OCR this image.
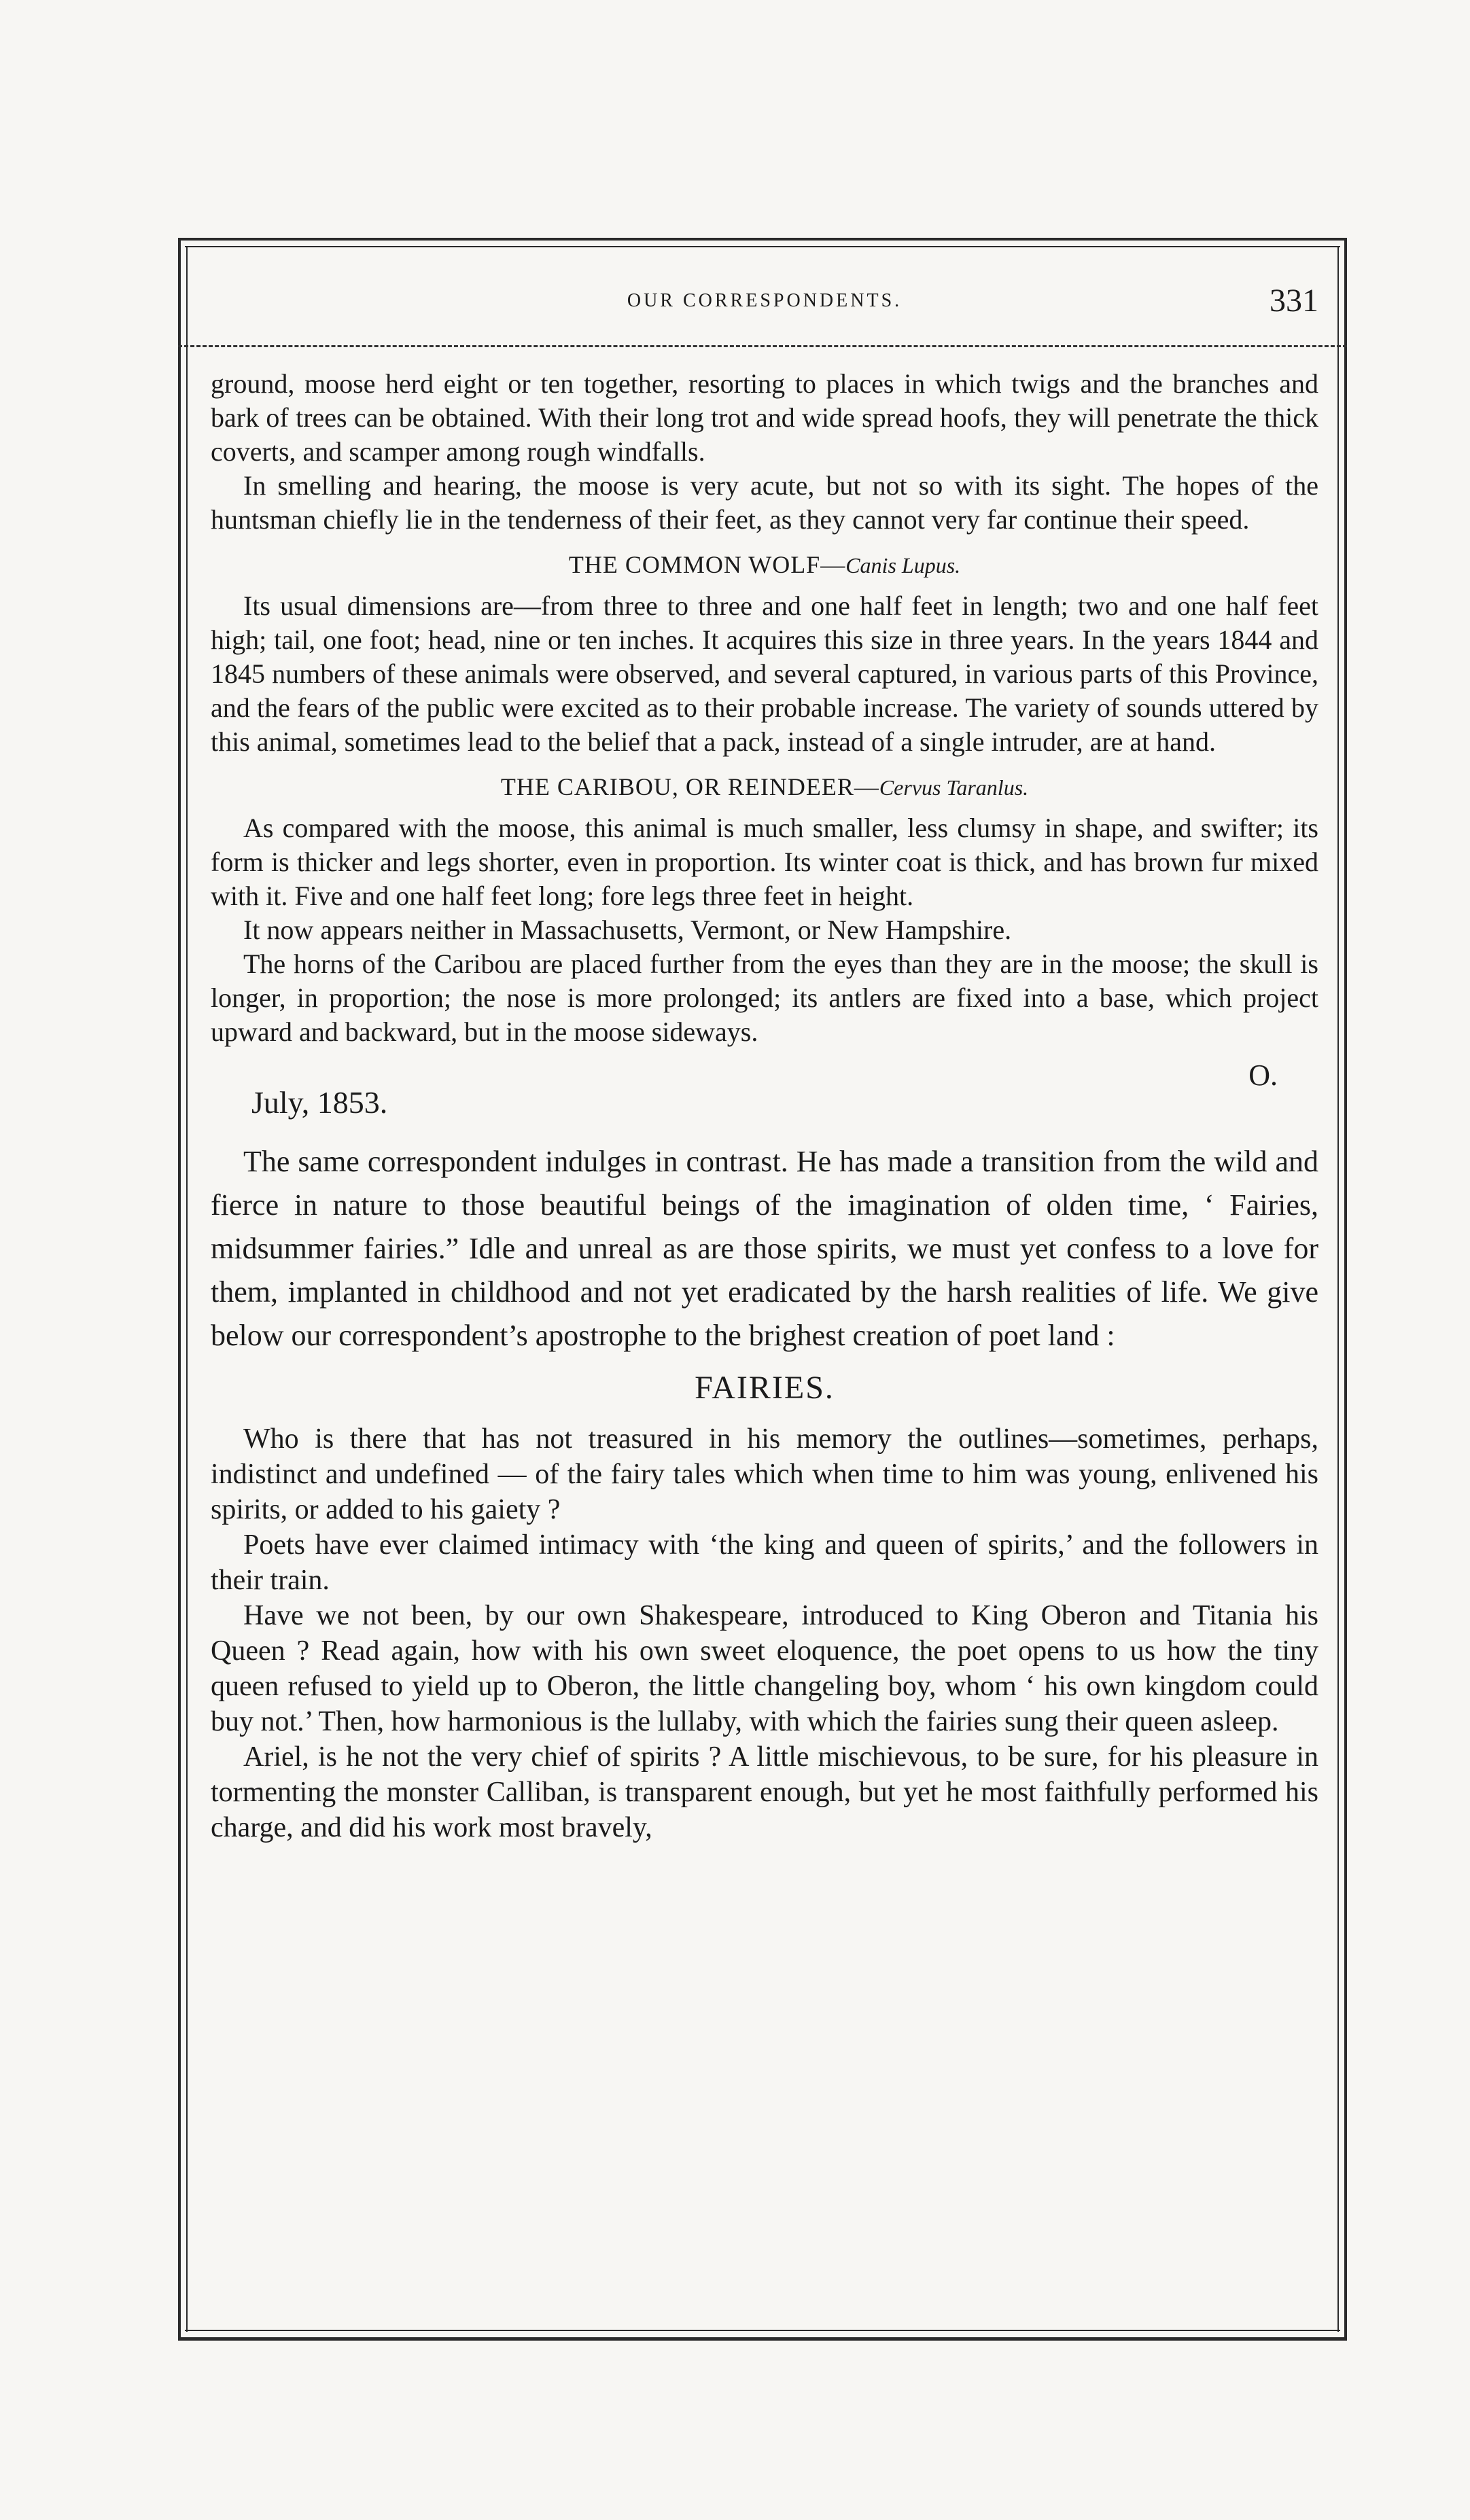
OUR CORRESPONDENTS.	331

ground, moose herd eight or ten together, resorting to places in which twigs and the branches and bark of trees can be obtained. With their long trot and wide spread hoofs, they will penetrate the thick coverts, and scamper among rough windfalls.

In smelling and hearing, the moose is very acute, but not so with its sight. The hopes of the huntsman chiefly lie in the tenderness of their feet, as they cannot very far continue their speed.

THE COMMON WOLF—Canis Lupus.

Its usual dimensions are—from three to three and one half feet in length; two and one half feet high; tail, one foot; head, nine or ten inches. It acquires this size in three years. In the years 1844 and 1845 numbers of these animals were observed, and several captured, in various parts of this Province, and the fears of the public were excited as to their probable increase. The variety of sounds uttered by this animal, sometimes lead to the belief that a pack, instead of a single intruder, are at hand.

THE CARIBOU, OR REINDEER—Cervus Taranlus.

As compared with the moose, this animal is much smaller, less clumsy in shape, and swifter; its form is thicker and legs shorter, even in proportion. Its winter coat is thick, and has brown fur mixed with it. Five and one half feet long; fore legs three feet in height.

It now appears neither in Massachusetts, Vermont, or New Hampshire.

The horns of the Caribou are placed further from the eyes than they are in the moose; the skull is longer, in proportion; the nose is more prolonged; its antlers are fixed into a base, which project upward and backward, but in the moose sideways.

O.
July, 1853.

The same correspondent indulges in contrast. He has made a transition from the wild and fierce in nature to those beautiful beings of the imagination of olden time, ‘ Fairies, midsummer fairies.” Idle and unreal as are those spirits, we must yet confess to a love for them, implanted in childhood and not yet eradicated by the harsh realities of life. We give below our correspondent’s apostrophe to the brighest creation of poet land :

FAIRIES.

Who is there that has not treasured in his memory the outlines—sometimes, perhaps, indistinct and undefined — of the fairy tales which when time to him was young, enlivened his spirits, or added to his gaiety ?

Poets have ever claimed intimacy with ‘the king and queen of spirits,’ and the followers in their train.

Have we not been, by our own Shakespeare, introduced to King Oberon and Titania his Queen ? Read again, how with his own sweet eloquence, the poet opens to us how the tiny queen refused to yield up to Oberon, the little changeling boy, whom ‘ his own kingdom could buy not.’ Then, how harmonious is the lullaby, with which the fairies sung their queen asleep.

Ariel, is he not the very chief of spirits ? A little mischievous, to be sure, for his pleasure in tormenting the monster Calliban, is transparent enough, but yet he most faithfully performed his charge, and did his work most bravely,
